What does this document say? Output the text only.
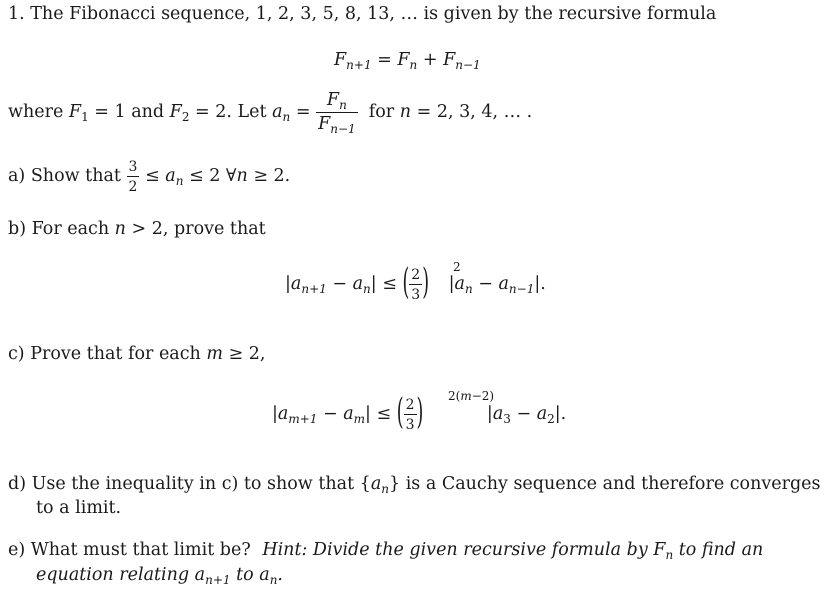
1. The Fibonacci sequence, 1, 2, 3, 5, 8, 13, … is given by the recursive formula
$F_{n+1} = F_n + F_{n-1}$
where $F_1 = 1$ and $F_2 = 2$. Let $a_n = \frac{F_n}{F_{n-1}}$ for n = 2, 3, 4, … .
a) Show that $\frac{3}{2} \le a_n \le 2$ ∀n ≥ 2.
b) For each n > 2, prove that
$|a_{n+1} - a_n|$ ≤ ( $\frac{2}{3}$ ) 2
$|a_n - a_{n-1}|$.
c) Prove that for each m ≥ 2,
$|a_{m+1} - a_m|$ ≤ ( $\frac{2}{3}$ ) 2(m−2)
$|a_3 - a_2|$.
d) Use the inequality in c) to show that $\{a_n\}$ is a Cauchy sequence and therefore converges
to a limit.
e) What must that limit be? Hint: Divide the given recursive formula by $F_n$ to find an
equation relating $a_{n+1}$ to $a_n$.
